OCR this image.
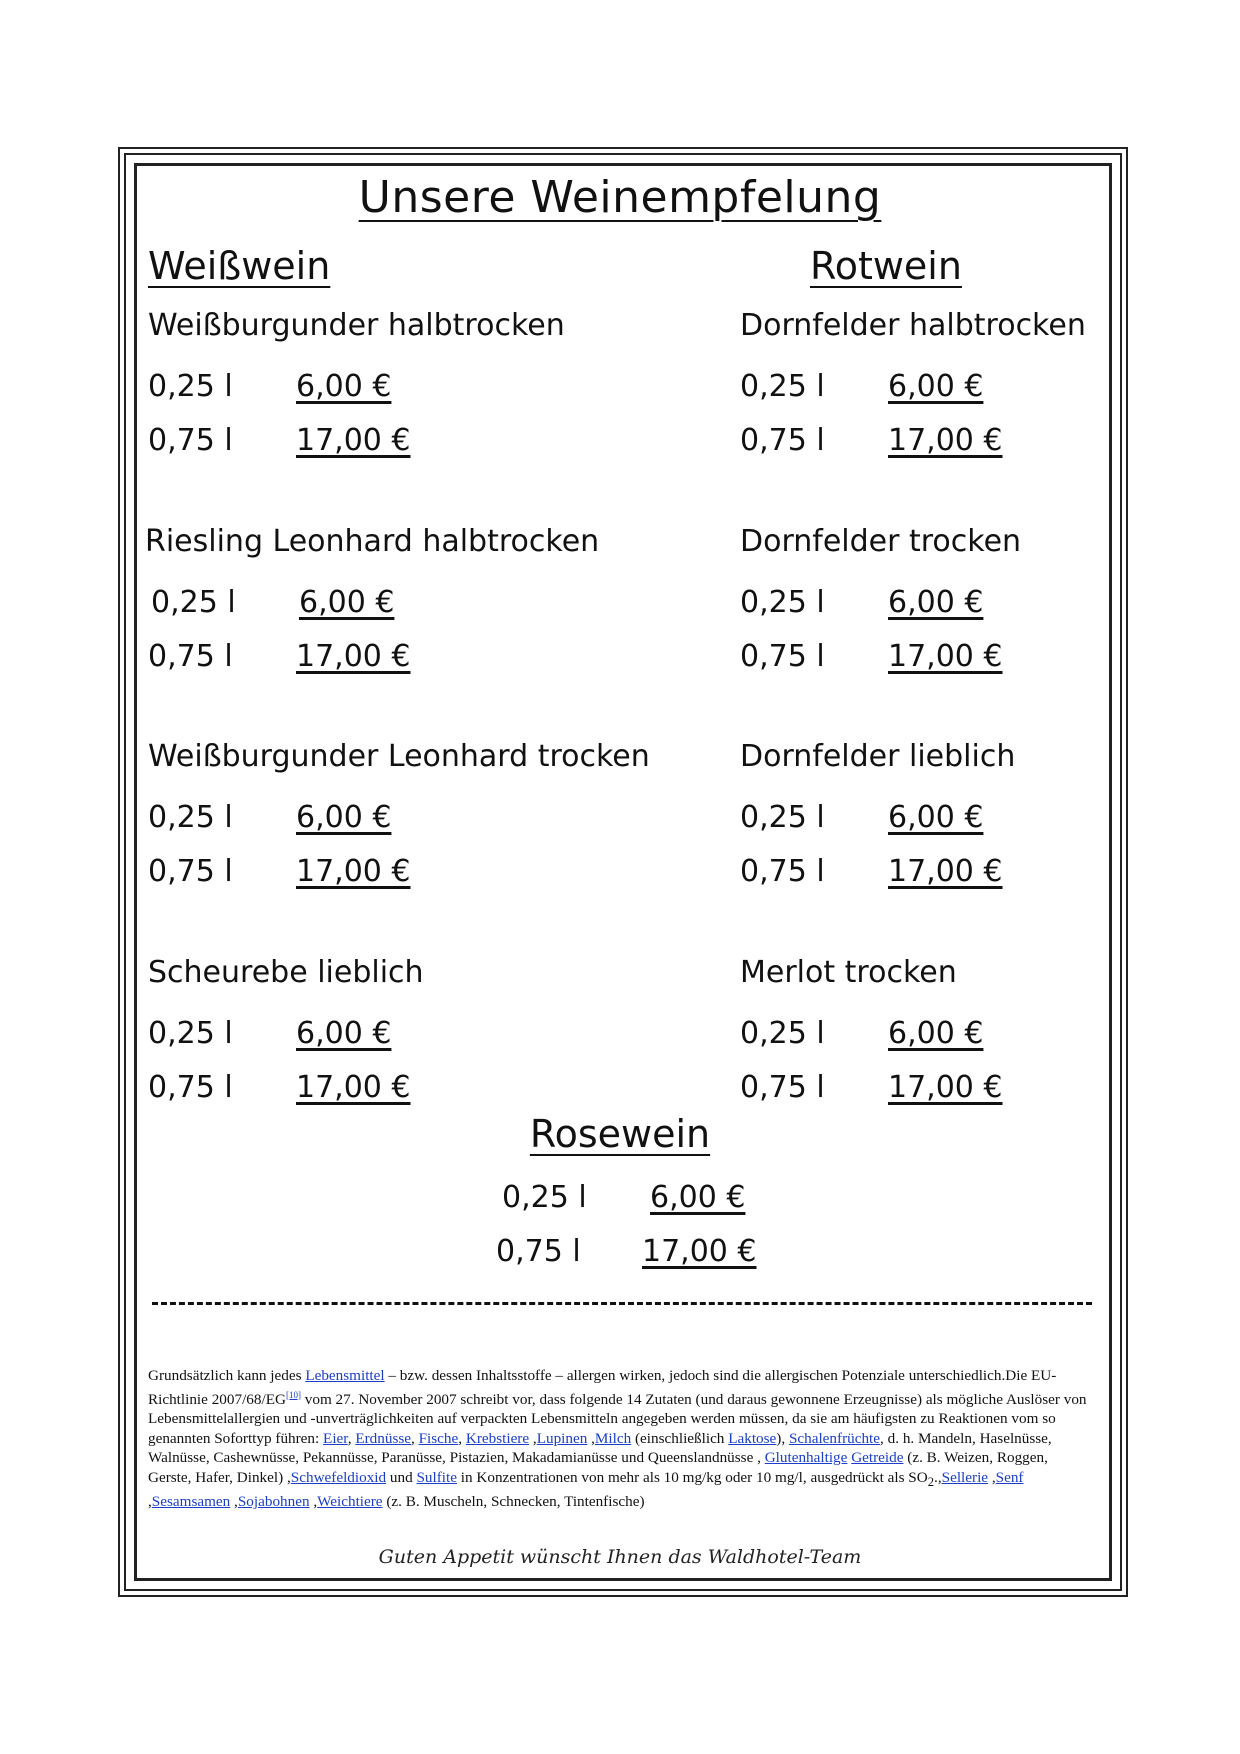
Unsere Weinempfelung
Weißwein	Rotwein
Weißburgunder halbtrocken
0,25 l 6,00 €
0,75 l 17,00 €
Riesling Leonhard halbtrocken
0,25 l 6,00 €
0,75 l 17,00 €
Weißburgunder Leonhard trocken
0,25 l 6,00 €
0,75 l 17,00 €
Scheurebe lieblich
0,25 l 6,00 €
0,75 l 17,00 €
Dornfelder halbtrocken
0,25 l 6,00 €
0,75 l 17,00 €
Dornfelder trocken
0,25 l 6,00 €
0,75 l 17,00 €
Dornfelder lieblich
0,25 l 6,00 €
0,75 l 17,00 €
Merlot trocken
0,25 l 6,00 €
0,75 l 17,00 €
Rosewein
0,25 l 6,00 €
0,75 l 17,00 €
Grundsätzlich kann jedes Lebensmittel – bzw. dessen Inhaltsstoffe – allergen wirken, jedoch sind die allergischen Potenziale unterschiedlich.Die EU-Richtlinie 2007/68/EG[10] vom 27. November 2007 schreibt vor, dass folgende 14 Zutaten (und daraus gewonnene Erzeugnisse) als mögliche Auslöser von Lebensmittelallergien und -unverträglichkeiten auf verpackten Lebensmitteln angegeben werden müssen, da sie am häufigsten zu Reaktionen vom so genannten Soforttyp führen: Eier, Erdnüsse, Fische, Krebstiere ,Lupinen ,Milch (einschließlich Laktose), Schalenfrüchte, d. h. Mandeln, Haselnüsse, Walnüsse, Cashewnüsse, Pekannüsse, Paranüsse, Pistazien, Makadamianüsse und Queenslandnüsse , Glutenhaltige Getreide (z. B. Weizen, Roggen, Gerste, Hafer, Dinkel) ,Schwefeldioxid und Sulfite in Konzentrationen von mehr als 10 mg/kg oder 10 mg/l, ausgedrückt als $SO_2.,Sellerie$ ,Senf ,Sesamsamen ,Sojabohnen ,Weichtiere (z. B. Muscheln, Schnecken, Tintenfische)
Guten Appetit wünscht Ihnen das Waldhotel-Team
